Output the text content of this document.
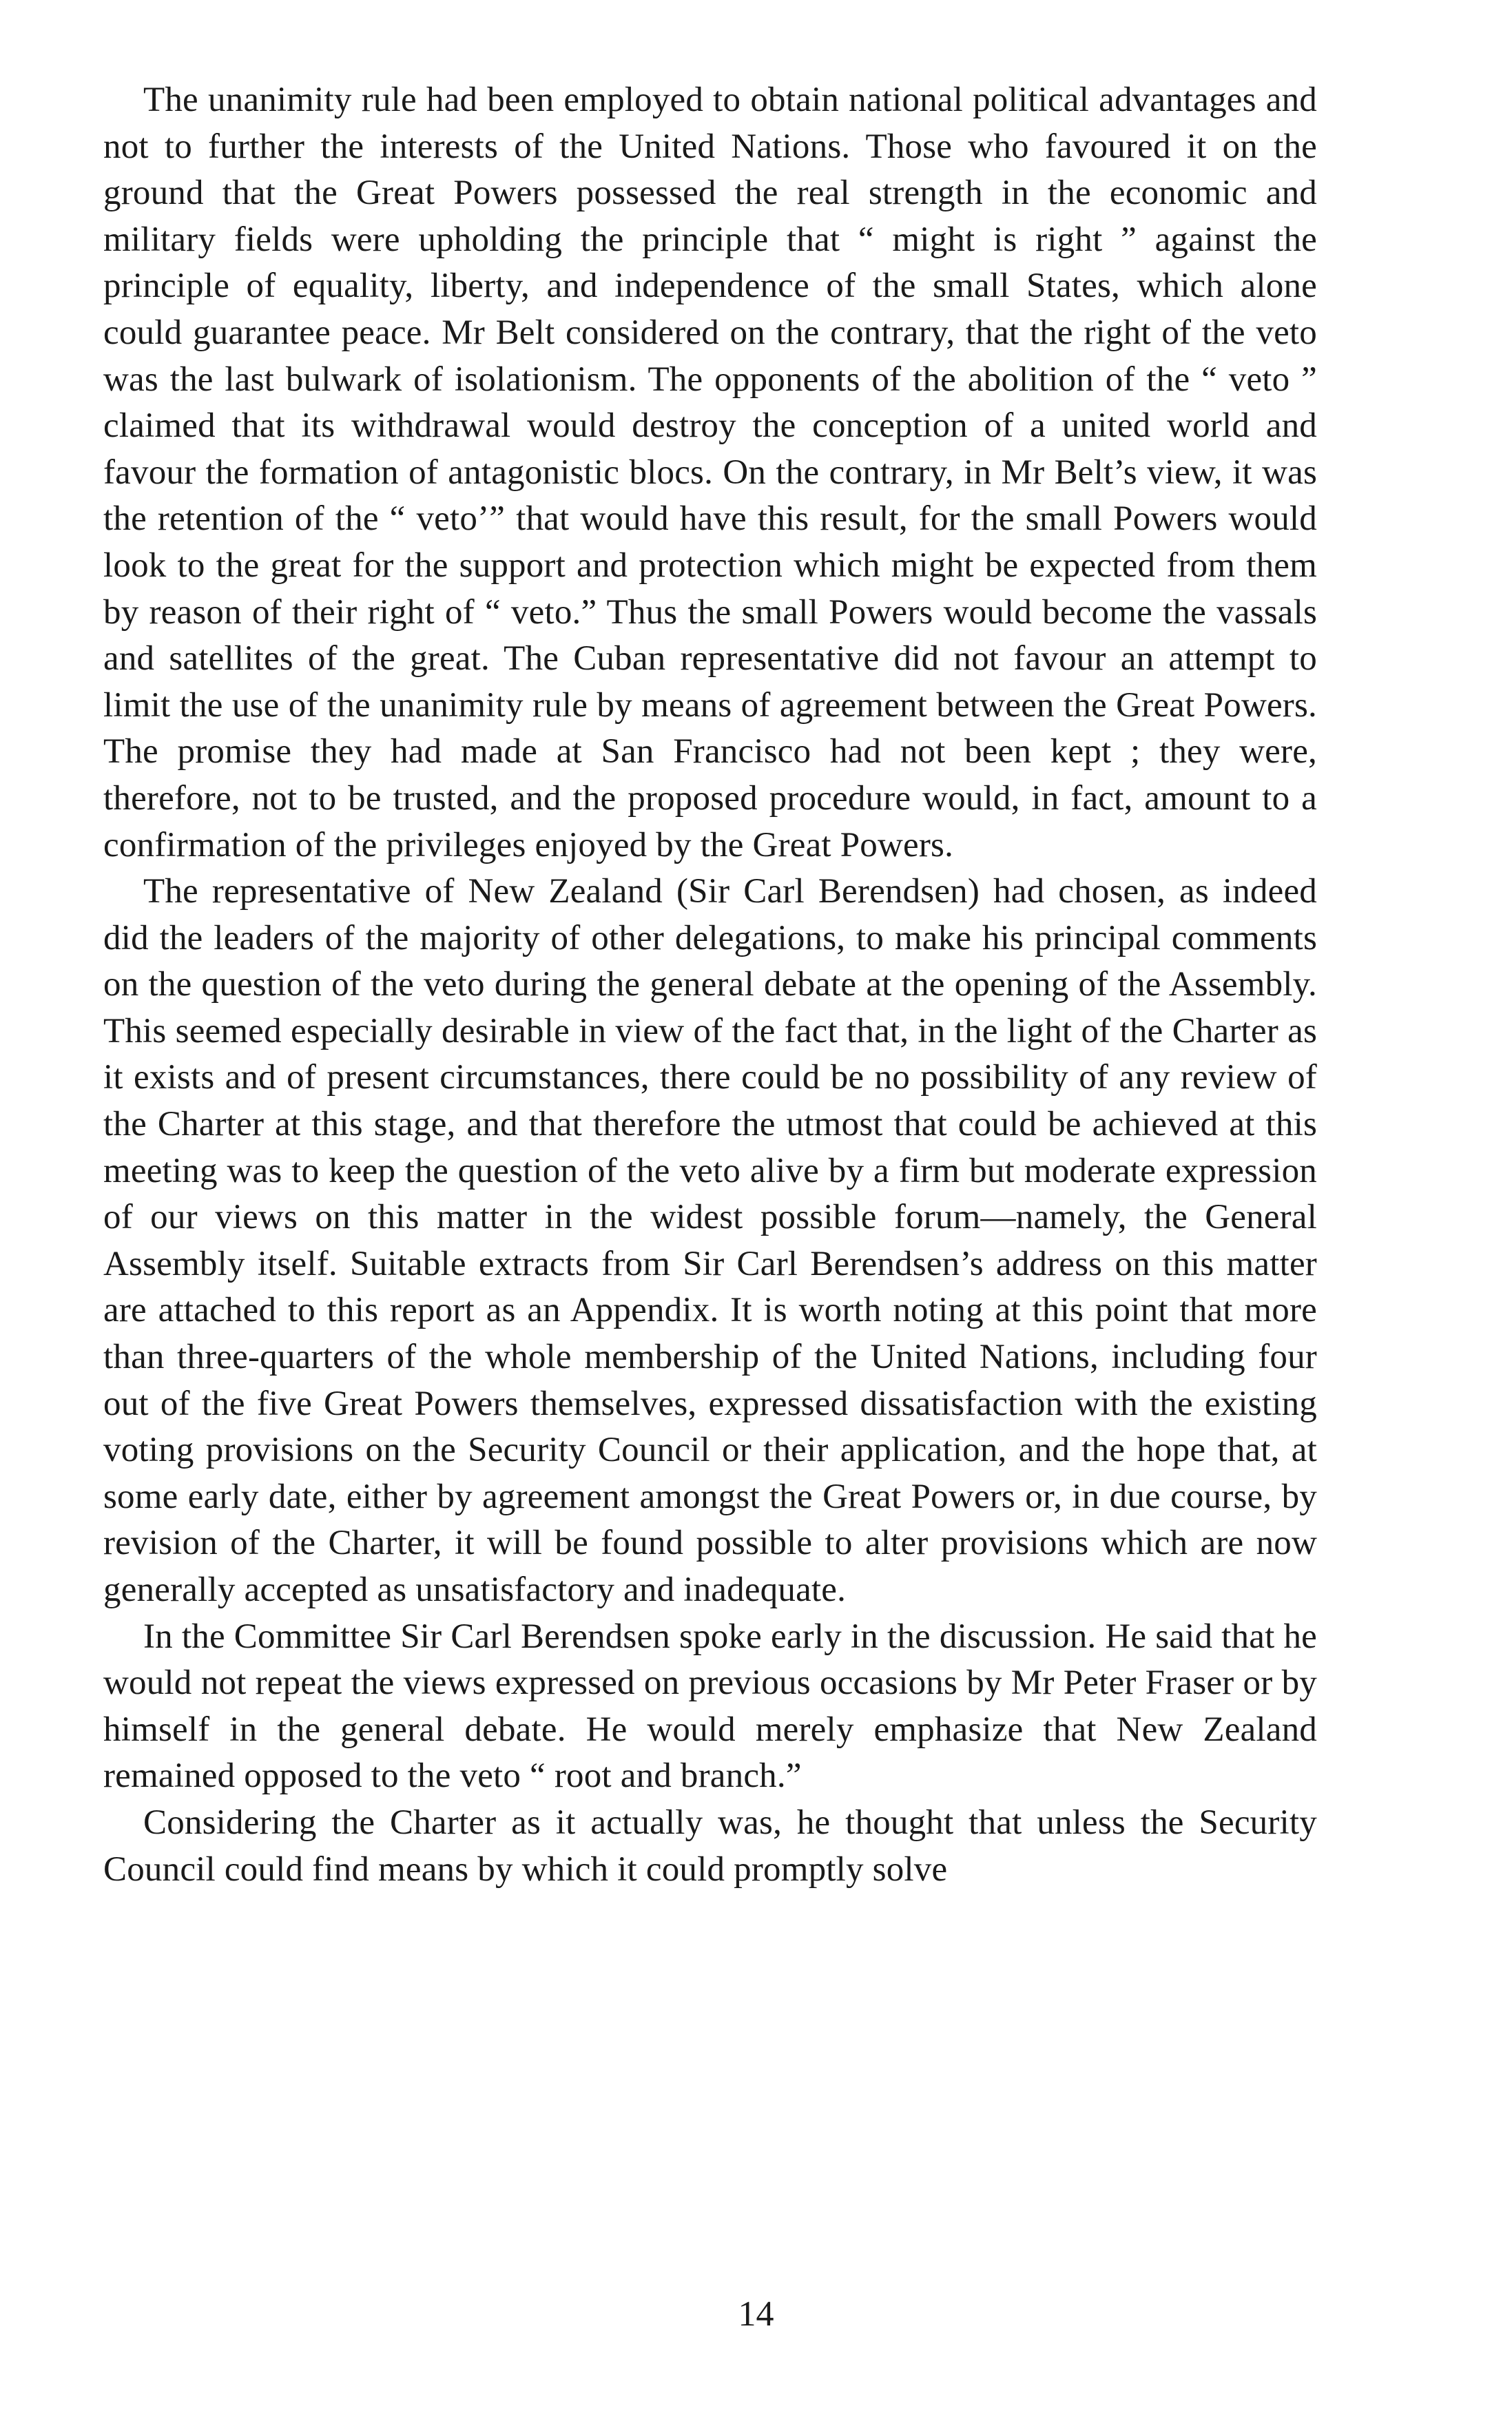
The unanimity rule had been employed to obtain national political advantages and not to further the interests of the United Nations. Those who favoured it on the ground that the Great Powers possessed the real strength in the economic and military fields were upholding the principle that “ might is right ” against the principle of equality, liberty, and independence of the small States, which alone could guarantee peace. Mr Belt considered on the contrary, that the right of the veto was the last bulwark of isolationism. The opponents of the abolition of the “ veto ” claimed that its withdrawal would destroy the conception of a united world and favour the formation of antagonistic blocs. On the contrary, in Mr Belt’s view, it was the retention of the “ veto’” that would have this result, for the small Powers would look to the great for the support and protection which might be expected from them by reason of their right of “ veto.” Thus the small Powers would become the vassals and satellites of the great. The Cuban representative did not favour an attempt to limit the use of the unanimity rule by means of agreement between the Great Powers. The promise they had made at San Francisco had not been kept ; they were, therefore, not to be trusted, and the proposed procedure would, in fact, amount to a confirmation of the privileges enjoyed by the Great Powers.

The representative of New Zealand (Sir Carl Berendsen) had chosen, as indeed did the leaders of the majority of other delegations, to make his principal comments on the question of the veto during the general debate at the opening of the Assembly. This seemed especially desirable in view of the fact that, in the light of the Charter as it exists and of present circumstances, there could be no possibility of any review of the Charter at this stage, and that therefore the utmost that could be achieved at this meeting was to keep the question of the veto alive by a firm but moderate expression of our views on this matter in the widest possible forum—namely, the General Assembly itself. Suitable extracts from Sir Carl Berendsen’s address on this matter are attached to this report as an Appendix. It is worth noting at this point that more than three-quarters of the whole membership of the United Nations, including four out of the five Great Powers themselves, expressed dissatisfaction with the existing voting provisions on the Security Council or their application, and the hope that, at some early date, either by agreement amongst the Great Powers or, in due course, by revision of the Charter, it will be found possible to alter provisions which are now generally accepted as unsatisfactory and inadequate.

In the Committee Sir Carl Berendsen spoke early in the discussion. He said that he would not repeat the views expressed on previous occasions by Mr Peter Fraser or by himself in the general debate. He would merely emphasize that New Zealand remained opposed to the veto “ root and branch.”

Considering the Charter as it actually was, he thought that unless the Security Council could find means by which it could promptly solve

14
